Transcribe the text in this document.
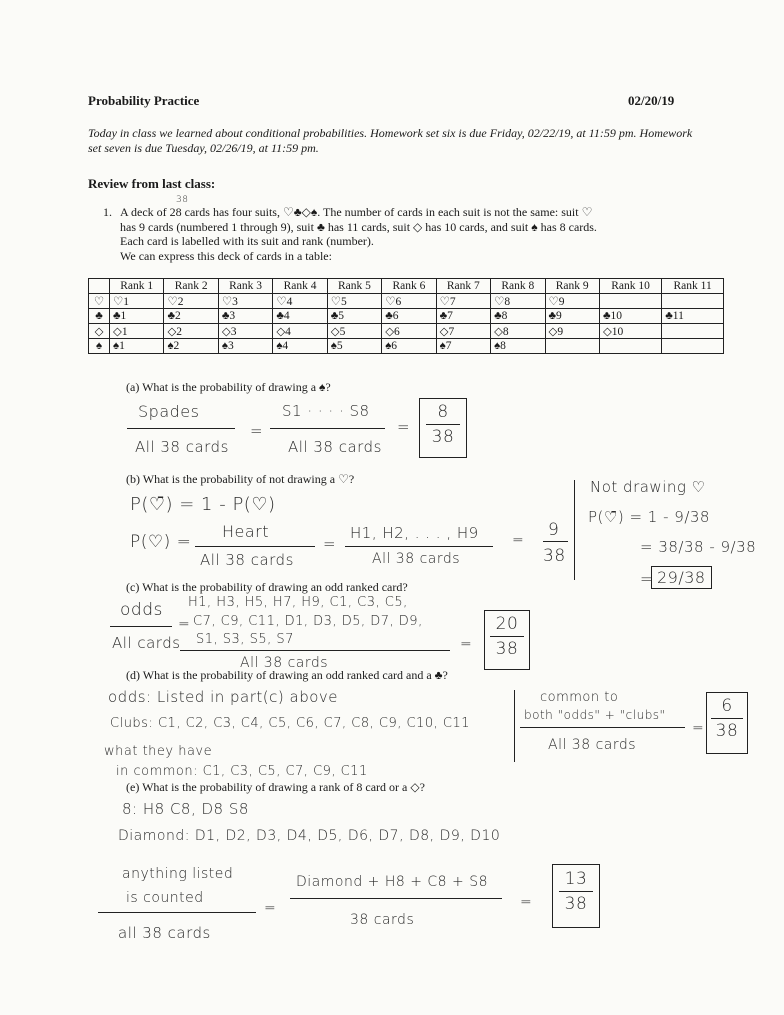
Probability Practice	02/20/19
Today in class we learned about conditional probabilities. Homework set six is due Friday, 02/22/19, at 11:59 pm. Homework set seven is due Tuesday, 02/26/19, at 11:59 pm.
Review from last class:
38
1. A deck of 28 cards has four suits, ♡♣◇♠. The number of cards in each suit is not the same: suit ♡
has 9 cards (numbered 1 through 9), suit ♣ has 11 cards, suit ◇ has 10 cards, and suit ♠ has 8 cards.
Each card is labelled with its suit and rank (number).
We can express this deck of cards in a table:
	Rank 1	Rank 2	Rank 3	Rank 4	Rank 5	Rank 6	Rank 7	Rank 8	Rank 9	Rank 10	Rank 11
♡	♡1	♡2	♡3	♡4	♡5	♡6	♡7	♡8	♡9		
♣	♣1	♣2	♣3	♣4	♣5	♣6	♣7	♣8	♣9	♣10	♣11
◇	◇1	◇2	◇3	◇4	◇5	◇6	◇7	◇8	◇9	◇10	
♠	♠1	♠2	♠3	♠4	♠5	♠6	♠7	♠8			
(a) What is the probability of drawing a ♠?
Spades
All 38 cards
=
S1 · · · · S8
All 38 cards
=
8
38
(b) What is the probability of not drawing a ♡?
P(♡̄) = 1 - P(♡)
P(♡) =
Heart
All 38 cards
=
H1, H2, . . . , H9
All 38 cards
= 9
38
Not drawing ♡
P(♡̄) = 1 - 9/38
= 38/38 - 9/38
= 29/38
(c) What is the probability of drawing an odd ranked card?
odds
All cards
=
H1, H3, H5, H7, H9, C1, C3, C5,
C7, C9, C11, D1, D3, D5, D7, D9,
S1, S3, S5, S7
All 38 cards
=
20
38
(d) What is the probability of drawing an odd ranked card and a ♣?
odds: Listed in part(c) above
Clubs: C1, C2, C3, C4, C5, C6, C7, C8, C9, C10, C11
what they have
in common: C1, C3, C5, C7, C9, C11
common to
both "odds" + "clubs"
All 38 cards
=
6
38
(e) What is the probability of drawing a rank of 8 card or a ◇?
8: H8 C8, D8 S8
Diamond: D1, D2, D3, D4, D5, D6, D7, D8, D9, D10
anything listed
is counted
all 38 cards
=
Diamond + H8 + C8 + S8
38 cards
=
13
38
